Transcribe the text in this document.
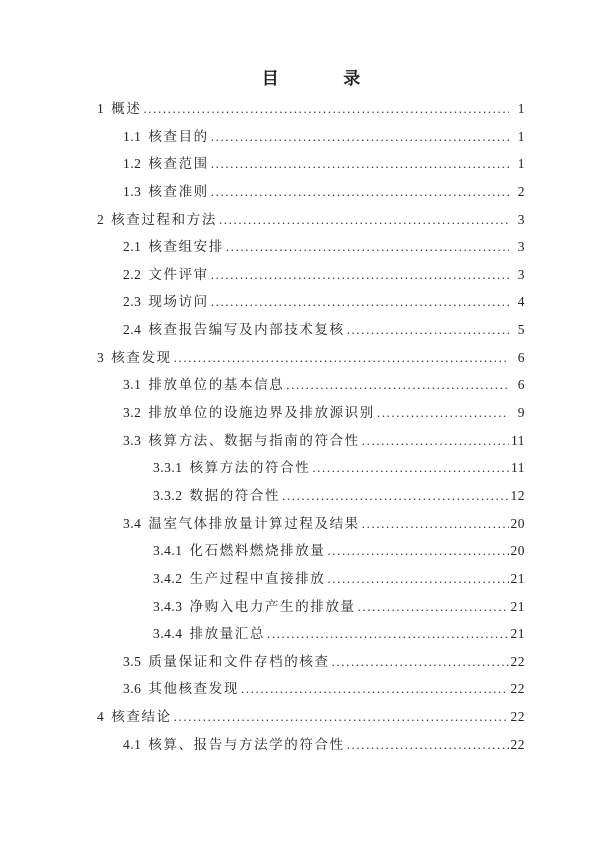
目  录
1 概述 .....	1
1.1 核查目的 .....	1
1.2 核查范围 .....	1
1.3 核查准则 .....	2
2 核查过程和方法 .....	3
2.1 核查组安排 .....	3
2.2 文件评审 .....	3
2.3 现场访问 .....	4
2.4 核查报告编写及内部技术复核 .....	5
3 核查发现 .....	6
3.1 排放单位的基本信息 .....	6
3.2 排放单位的设施边界及排放源识别 .....	9
3.3 核算方法、数据与指南的符合性 .....	11
3.3.1 核算方法的符合性 .....	11
3.3.2 数据的符合性 .....	12
3.4 温室气体排放量计算过程及结果 .....	20
3.4.1 化石燃料燃烧排放量 .....	20
3.4.2 生产过程中直接排放 .....	21
3.4.3 净购入电力产生的排放量 .....	21
3.4.4 排放量汇总 .....	21
3.5 质量保证和文件存档的核查 .....	22
3.6 其他核查发现 .....	22
4 核查结论 .....	22
4.1 核算、报告与方法学的符合性 .....	22
